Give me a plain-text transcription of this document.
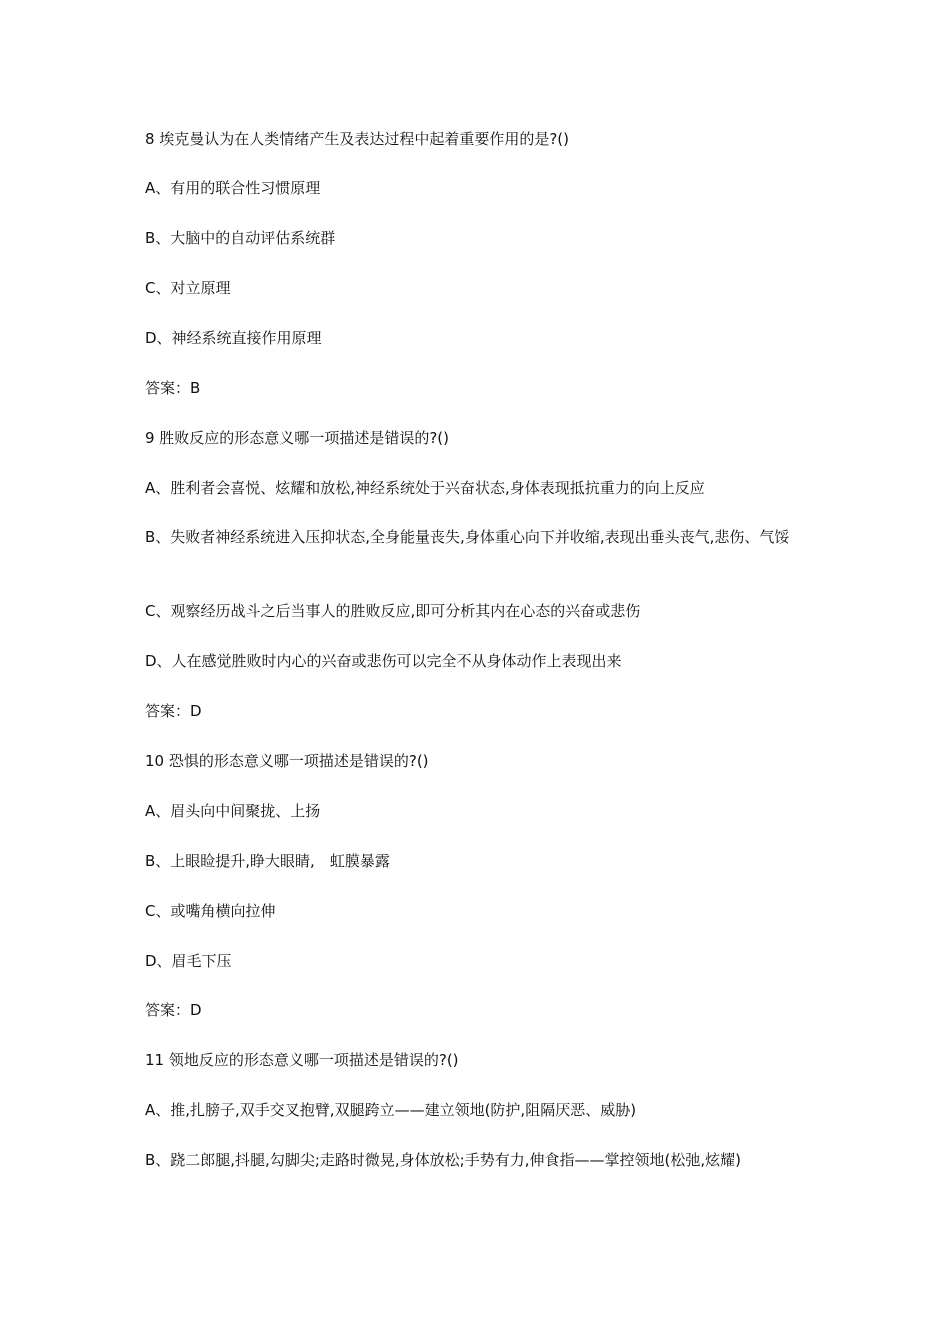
8 埃克曼认为在人类情绪产生及表达过程中起着重要作用的是?()
A、有用的联合性习惯原理
B、大脑中的自动评估系统群
C、对立原理
D、神经系统直接作用原理
答案：B
9 胜败反应的形态意义哪一项描述是错误的?()
A、胜利者会喜悦、炫耀和放松,神经系统处于兴奋状态,身体表现抵抗重力的向上反应
B、失败者神经系统进入压抑状态,全身能量丧失,身体重心向下并收缩,表现出垂头丧气,悲伤、气馁
C、观察经历战斗之后当事人的胜败反应,即可分析其内在心态的兴奋或悲伤
D、人在感觉胜败时内心的兴奋或悲伤可以完全不从身体动作上表现出来
答案：D
10 恐惧的形态意义哪一项描述是错误的?()
A、眉头向中间聚拢、上扬
B、上眼睑提升,睁大眼睛,　虹膜暴露
C、或嘴角横向拉伸
D、眉毛下压
答案：D
11 领地反应的形态意义哪一项描述是错误的?()
A、推,扎膀子,双手交叉抱臂,双腿跨立——建立领地(防护,阻隔厌恶、威胁)
B、跷二郎腿,抖腿,勾脚尖;走路时微晃,身体放松;手势有力,伸食指——掌控领地(松弛,炫耀)
